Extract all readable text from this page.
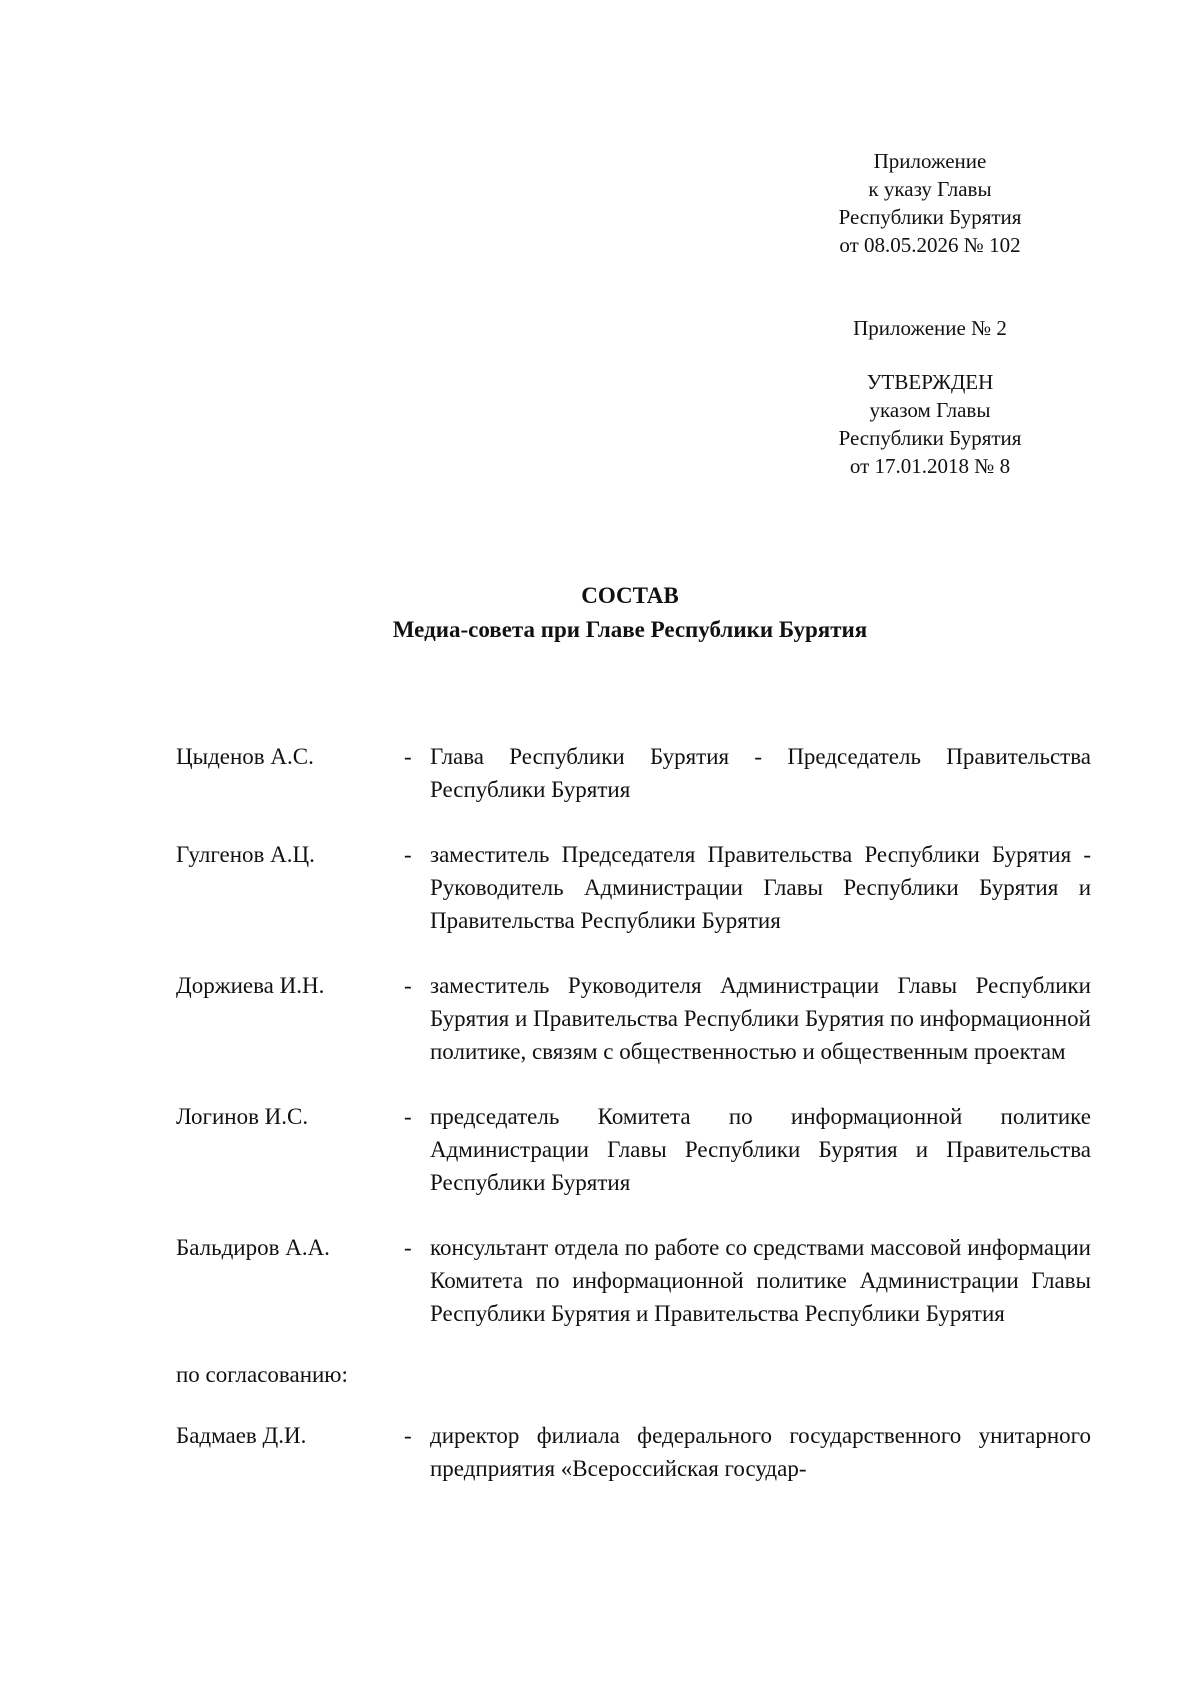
Приложение
к указу Главы
Республики Бурятия
от 08.05.2026 № 102
Приложение № 2
УТВЕРЖДЕН
указом Главы
Республики Бурятия
от 17.01.2018 № 8
СОСТАВ
Медиа-совета при Главе Республики Бурятия
Цыденов А.С.	- Глава Республики Бурятия - Председатель Правительства Республики Бурятия
Гулгенов А.Ц.	- заместитель Председателя Правительства Республики Бурятия - Руководитель Администрации Главы Республики Бурятия и Правительства Республики Бурятия
Доржиева И.Н.	- заместитель Руководителя Администрации Главы Республики Бурятия и Правительства Республики Бурятия по информационной политике, связям с общественностью и общественным проектам
Логинов И.С.	- председатель Комитета по информационной политике Администрации Главы Республики Бурятия и Правительства Республики Бурятия
Бальдиров А.А.	- консультант отдела по работе со средствами массовой информации Комитета по информационной политике Администрации Главы Республики Бурятия и Правительства Республики Бурятия
по согласованию:
Бадмаев Д.И.	- директор филиала федерального государственного унитарного предприятия «Всероссийская государ-
